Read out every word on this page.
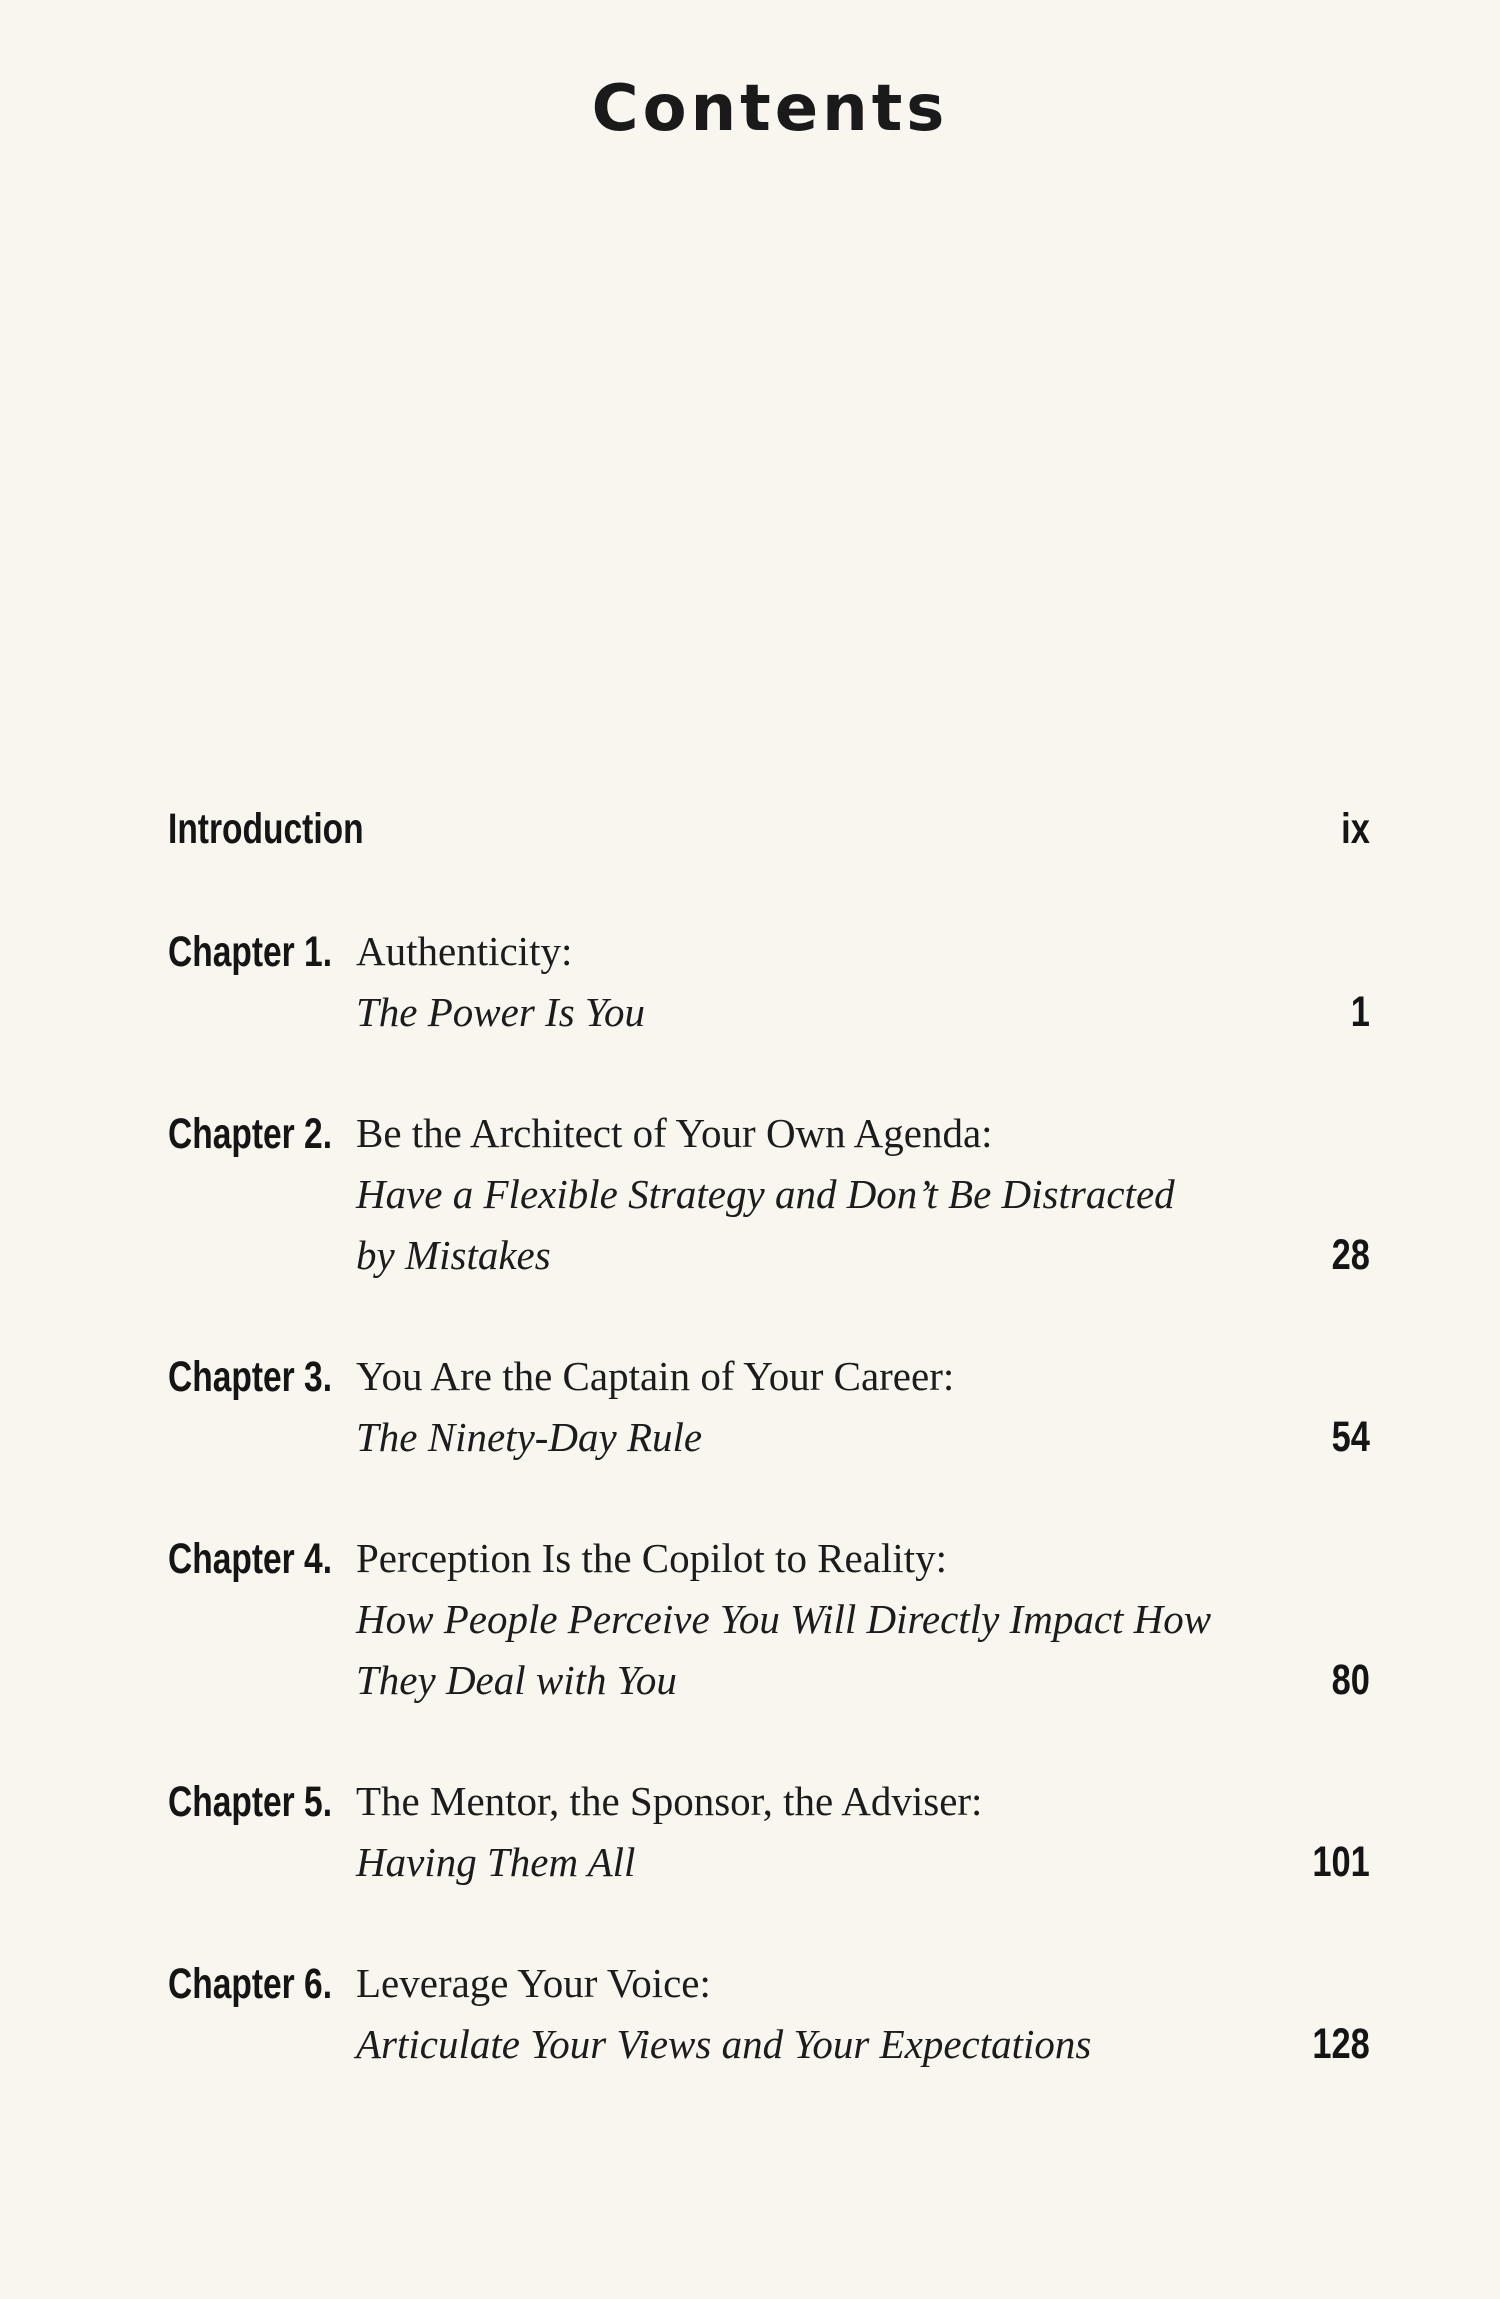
Contents
Introduction	ix
Chapter 1. Authenticity:
The Power Is You	1
Chapter 2. Be the Architect of Your Own Agenda:
Have a Flexible Strategy and Don’t Be Distracted
by Mistakes	28
Chapter 3. You Are the Captain of Your Career:
The Ninety-Day Rule	54
Chapter 4. Perception Is the Copilot to Reality:
How People Perceive You Will Directly Impact How
They Deal with You	80
Chapter 5. The Mentor, the Sponsor, the Adviser:
Having Them All	101
Chapter 6. Leverage Your Voice:
Articulate Your Views and Your Expectations	128
